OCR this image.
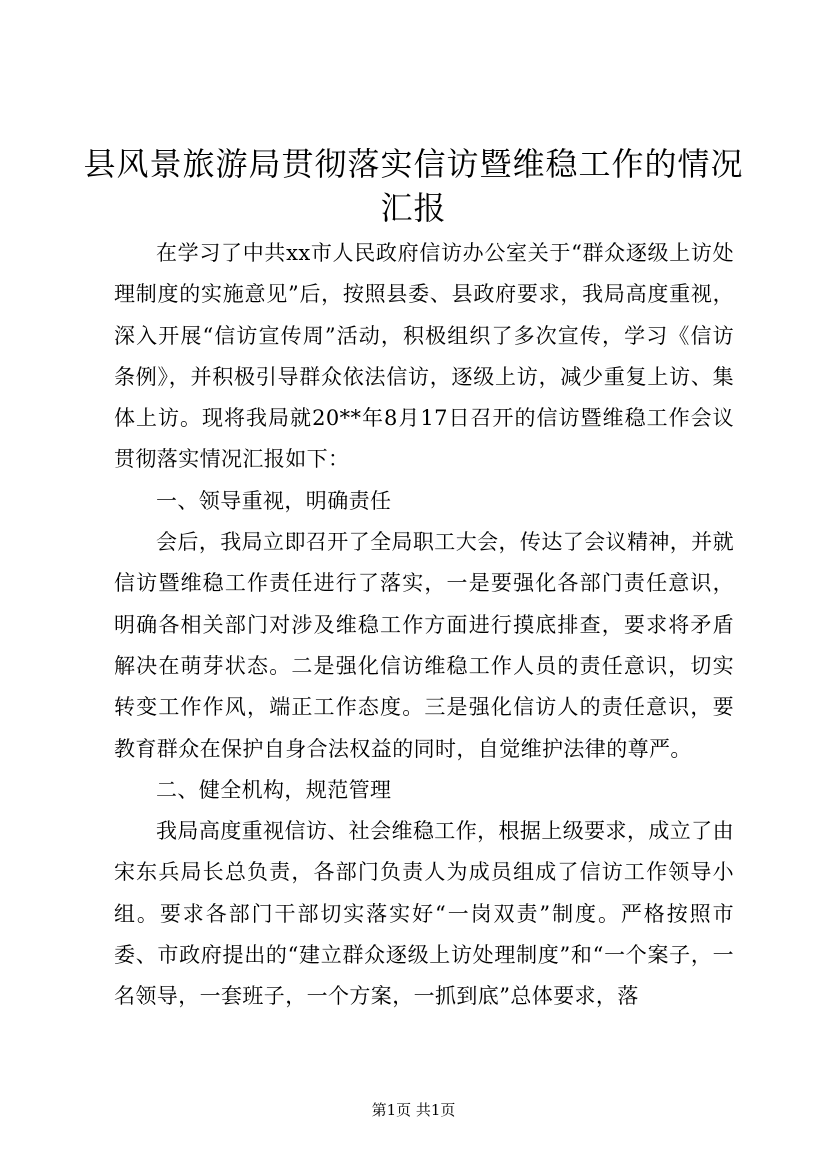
县风景旅游局贯彻落实信访暨维稳工作的情况汇报

在学习了中共xx市人民政府信访办公室关于“群众逐级上访处理制度的实施意见”后，按照县委、县政府要求，我局高度重视，深入开展“信访宣传周”活动，积极组织了多次宣传，学习《信访条例》，并积极引导群众依法信访，逐级上访，减少重复上访、集体上访。现将我局就20**年8月17日召开的信访暨维稳工作会议贯彻落实情况汇报如下：

一、领导重视，明确责任

会后，我局立即召开了全局职工大会，传达了会议精神，并就信访暨维稳工作责任进行了落实，一是要强化各部门责任意识，明确各相关部门对涉及维稳工作方面进行摸底排查，要求将矛盾解决在萌芽状态。二是强化信访维稳工作人员的责任意识，切实转变工作作风，端正工作态度。三是强化信访人的责任意识，要教育群众在保护自身合法权益的同时，自觉维护法律的尊严。

二、健全机构，规范管理

我局高度重视信访、社会维稳工作，根据上级要求，成立了由宋东兵局长总负责，各部门负责人为成员组成了信访工作领导小组。要求各部门干部切实落实好“一岗双责”制度。严格按照市委、市政府提出的“建立群众逐级上访处理制度”和“一个案子，一名领导，一套班子，一个方案，一抓到底”总体要求，落

第1页 共1页
